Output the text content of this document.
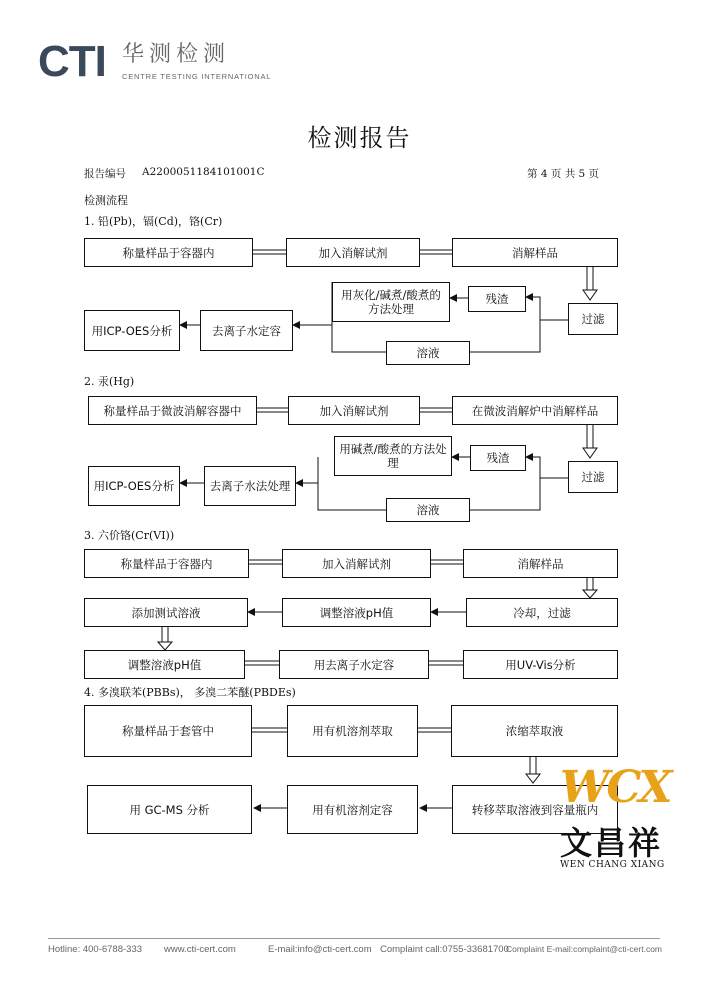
CTI 华测检测
CENTRE TESTING INTERNATIONAL
检测报告
报告编号 A2200051184101001C	第 4 页 共 5 页
检测流程
1. 铅(Pb)，镉(Cd)，铬(Cr)
2. 汞(Hg)
3. 六价铬(Cr(VI))
4. 多溴联苯(PBBs)， 多溴二苯醚(PBDEs)
称量样品于容器内	加入消解试剂	消解样品
过滤
残渣
用灰化/碱煮/酸煮的方法处理
溶液
去离子水定容
用ICP-OES分析
称量样品于微波消解容器中	加入消解试剂	在微波消解炉中消解样品
过滤
残渣
用碱煮/酸煮的方法处理
溶液
去离子水法处理
用ICP-OES分析
称量样品于容器内	加入消解试剂	消解样品
冷却，过滤
调整溶液pH值
添加测试溶液
调整溶液pH值	用去离子水定容	用UV-Vis分析
称量样品于套管中	用有机溶剂萃取	浓缩萃取液
转移萃取溶液到容量瓶内
用有机溶剂定容
用 GC-MS 分析	WCX
文昌祥
WEN CHANG XIANG
Hotline: 400-6788-333 www.cti-cert.com	E-mail:info@cti-cert.com Complaint call:0755-33681700
Complaint E-mail:complaint@cti-cert.com
